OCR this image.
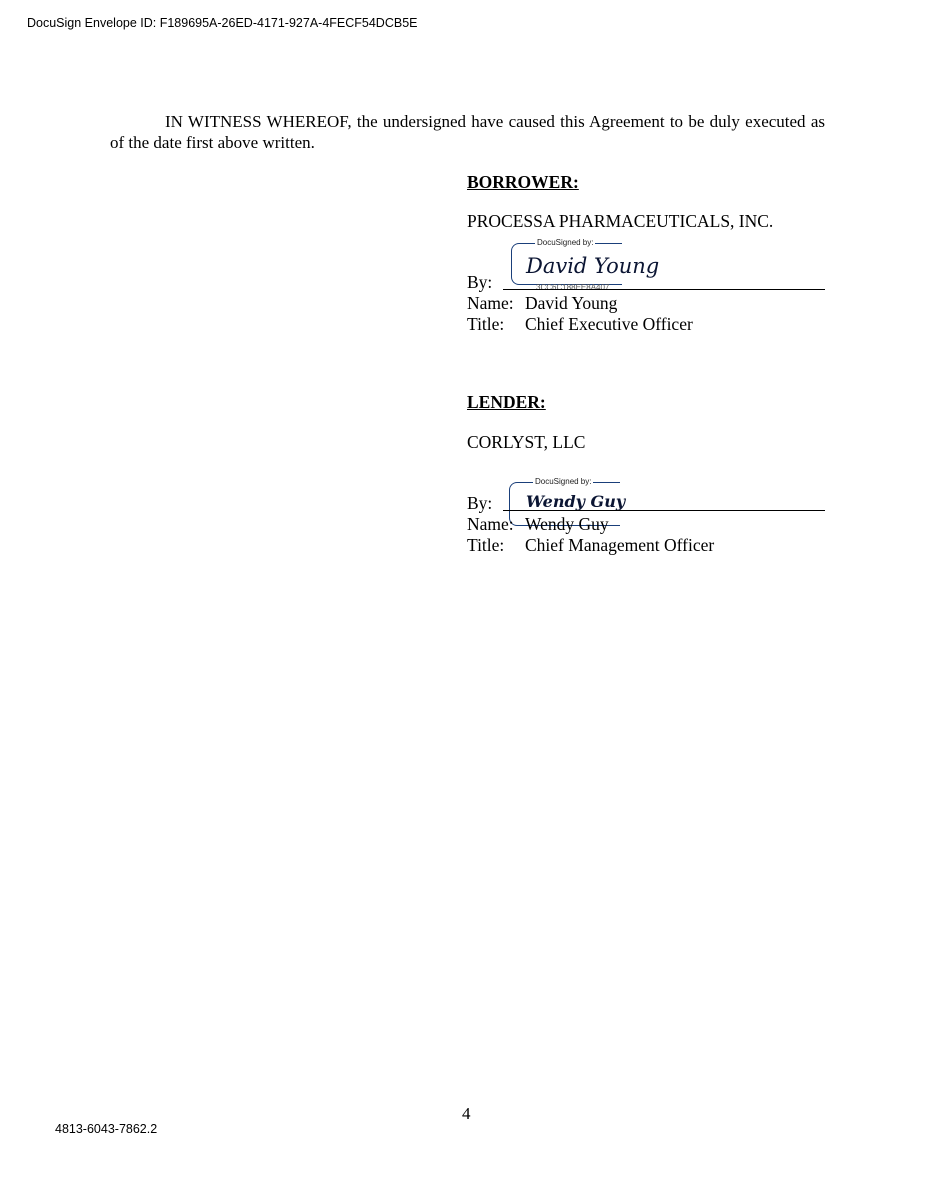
DocuSign Envelope ID: F189695A-26ED-4171-927A-4FECF54DCB5E
IN WITNESS WHEREOF, the undersigned have caused this Agreement to be duly executed as of the date first above written.
BORROWER:
PROCESSA PHARMACEUTICALS, INC.
DocuSigned by:
David Young
3CC6C188EE8A407...
By:
Name: David Young
Title: Chief Executive Officer
LENDER:
CORLYST, LLC
DocuSigned by:
Wendy Guy
By:
Name: Wendy Guy
Title: Chief Management Officer
4
4813-6043-7862.2
